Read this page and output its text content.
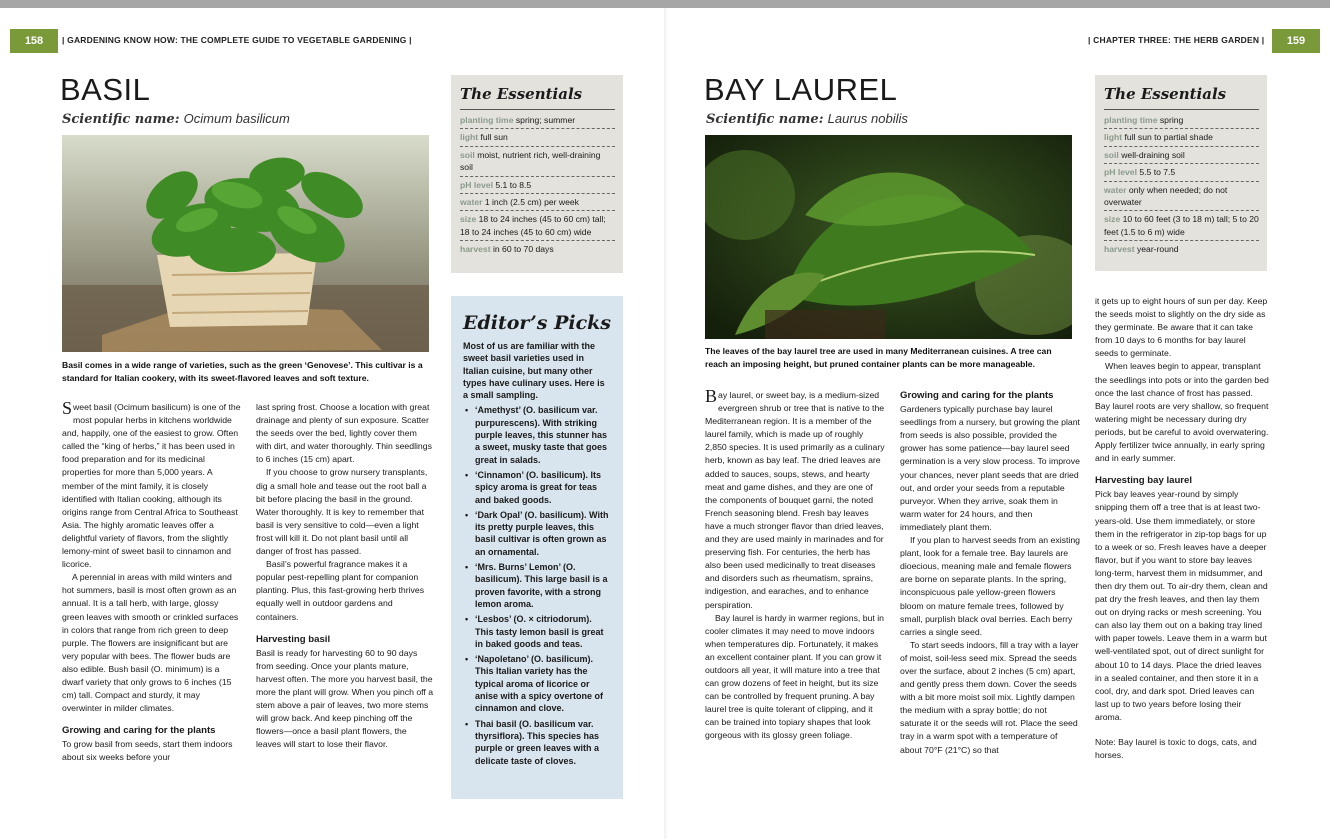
158	| GARDENING KNOW HOW: THE COMPLETE GUIDE TO VEGETABLE GARDENING |
BASIL
Scientific name: Ocimum basilicum
Basil comes in a wide range of varieties, such as the green ‘Genovese’. This cultivar is a standard for Italian cookery, with its sweet-flavored leaves and soft texture.

Sweet basil (Ocimum basilicum) is one of the most popular herbs in kitchens worldwide and, happily, one of the easiest to grow. Often called the “king of herbs,” it has been used in food preparation and for its medicinal properties for more than 5,000 years. A member of the mint family, it is closely identified with Italian cooking, although its origins range from Central Africa to Southeast Asia. The highly aromatic leaves offer a delightful variety of flavors, from the slightly lemony-mint of sweet basil to cinnamon and licorice.

A perennial in areas with mild winters and hot summers, basil is most often grown as an annual. It is a tall herb, with large, glossy green leaves with smooth or crinkled surfaces in colors that range from rich green to deep purple. The flowers are insignificant but are very popular with bees. The flower buds are also edible. Bush basil (O. minimum) is a dwarf variety that only grows to 6 inches (15 cm) tall. Compact and sturdy, it may overwinter in milder climates.

Growing and caring for the plants

To grow basil from seeds, start them indoors about six weeks before your

last spring frost. Choose a location with great drainage and plenty of sun exposure. Scatter the seeds over the bed, lightly cover them with dirt, and water thoroughly. Thin seedlings to 6 inches (15 cm) apart.

If you choose to grow nursery transplants, dig a small hole and tease out the root ball a bit before placing the basil in the ground. Water thoroughly. It is key to remember that basil is very sensitive to cold—even a light frost will kill it. Do not plant basil until all danger of frost has passed.

Basil’s powerful fragrance makes it a popular pest-repelling plant for companion planting. Plus, this fast-growing herb thrives equally well in outdoor gardens and containers.

Harvesting basil

Basil is ready for harvesting 60 to 90 days from seeding. Once your plants mature, harvest often. The more you harvest basil, the more the plant will grow. When you pinch off a stem above a pair of leaves, two more stems will grow back. And keep pinching off the flowers—once a basil plant flowers, the leaves will start to lose their flavor.

The Essentials
planting time spring; summer
light full sun
soil moist, nutrient rich, well-draining soil
pH level 5.1 to 8.5
water 1 inch (2.5 cm) per week
size 18 to 24 inches (45 to 60 cm) tall; 18 to 24 inches (45 to 60 cm) wide
harvest in 60 to 70 days
Editor’s Picks
Most of us are familiar with the sweet basil varieties used in Italian cuisine, but many other types have culinary uses. Here is a small sampling.
• ‘Amethyst’ (O. basilicum var. purpurescens). With striking purple leaves, this stunner has a sweet, musky taste that goes great in salads.
• ‘Cinnamon’ (O. basilicum). Its spicy aroma is great for teas and baked goods.
• ‘Dark Opal’ (O. basilicum). With its pretty purple leaves, this basil cultivar is often grown as an ornamental.
• ‘Mrs. Burns’ Lemon’ (O. basilicum). This large basil is a proven favorite, with a strong lemon aroma.
• ‘Lesbos’ (O. × citriodorum). This tasty lemon basil is great in baked goods and teas.
• ‘Napoletano’ (O. basilicum). This Italian variety has the typical aroma of licorice or anise with a spicy overtone of cinnamon and clove.
• Thai basil (O. basilicum var. thyrsiflora). This species has purple or green leaves with a delicate taste of cloves.
| CHAPTER THREE: THE HERB GARDEN |	159
BAY LAUREL
Scientific name: Laurus nobilis
The leaves of the bay laurel tree are used in many Mediterranean cuisines. A tree can reach an imposing height, but pruned container plants can be more manageable.

Bay laurel, or sweet bay, is a medium-sized evergreen shrub or tree that is native to the Mediterranean region. It is a member of the laurel family, which is made up of roughly 2,850 species. It is used primarily as a culinary herb, known as bay leaf. The dried leaves are added to sauces, soups, stews, and hearty meat and game dishes, and they are one of the components of bouquet garni, the noted French seasoning blend. Fresh bay leaves have a much stronger flavor than dried leaves, and they are used mainly in marinades and for preserving fish. For centuries, the herb has also been used medicinally to treat diseases and disorders such as rheumatism, sprains, indigestion, and earaches, and to enhance perspiration.

Bay laurel is hardy in warmer regions, but in cooler climates it may need to move indoors when temperatures dip. Fortunately, it makes an excellent container plant. If you can grow it outdoors all year, it will mature into a tree that can grow dozens of feet in height, but its size can be controlled by frequent pruning. A bay laurel tree is quite tolerant of clipping, and it can be trained into topiary shapes that look gorgeous with its glossy green foliage.

Growing and caring for the plants

Gardeners typically purchase bay laurel seedlings from a nursery, but growing the plant from seeds is also possible, provided the grower has some patience—bay laurel seed germination is a very slow process. To improve your chances, never plant seeds that are dried out, and order your seeds from a reputable purveyor. When they arrive, soak them in warm water for 24 hours, and then immediately plant them.

If you plan to harvest seeds from an existing plant, look for a female tree. Bay laurels are dioecious, meaning male and female flowers are borne on separate plants. In the spring, inconspicuous pale yellow-green flowers bloom on mature female trees, followed by small, purplish black oval berries. Each berry carries a single seed.

To start seeds indoors, fill a tray with a layer of moist, soil-less seed mix. Spread the seeds over the surface, about 2 inches (5 cm) apart, and gently press them down. Cover the seeds with a bit more moist soil mix. Lightly dampen the medium with a spray bottle; do not saturate it or the seeds will rot. Place the seed tray in a warm spot with a temperature of about 70°F (21°C) so that

it gets up to eight hours of sun per day. Keep the seeds moist to slightly on the dry side as they germinate. Be aware that it can take from 10 days to 6 months for bay laurel seeds to germinate.

When leaves begin to appear, transplant the seedlings into pots or into the garden bed once the last chance of frost has passed. Bay laurel roots are very shallow, so frequent watering might be necessary during dry periods, but be careful to avoid overwatering. Apply fertilizer twice annually, in early spring and in early summer.

Harvesting bay laurel

Pick bay leaves year-round by simply snipping them off a tree that is at least two-years-old. Use them immediately, or store them in the refrigerator in zip-top bags for up to a week or so. Fresh leaves have a deeper flavor, but if you want to store bay leaves long-term, harvest them in midsummer, and then dry them out. To air-dry them, clean and pat dry the fresh leaves, and then lay them out on drying racks or mesh screening. You can also lay them out on a baking tray lined with paper towels. Leave them in a warm but well-ventilated spot, out of direct sunlight for about 10 to 14 days. Place the dried leaves in a sealed container, and then store it in a cool, dry, and dark spot. Dried leaves can last up to two years before losing their aroma.

Note: Bay laurel is toxic to dogs, cats, and horses.

The Essentials
planting time spring
light full sun to partial shade
soil well-draining soil
pH level 5.5 to 7.5
water only when needed; do not overwater
size 10 to 60 feet (3 to 18 m) tall; 5 to 20 feet (1.5 to 6 m) wide
harvest year-round
